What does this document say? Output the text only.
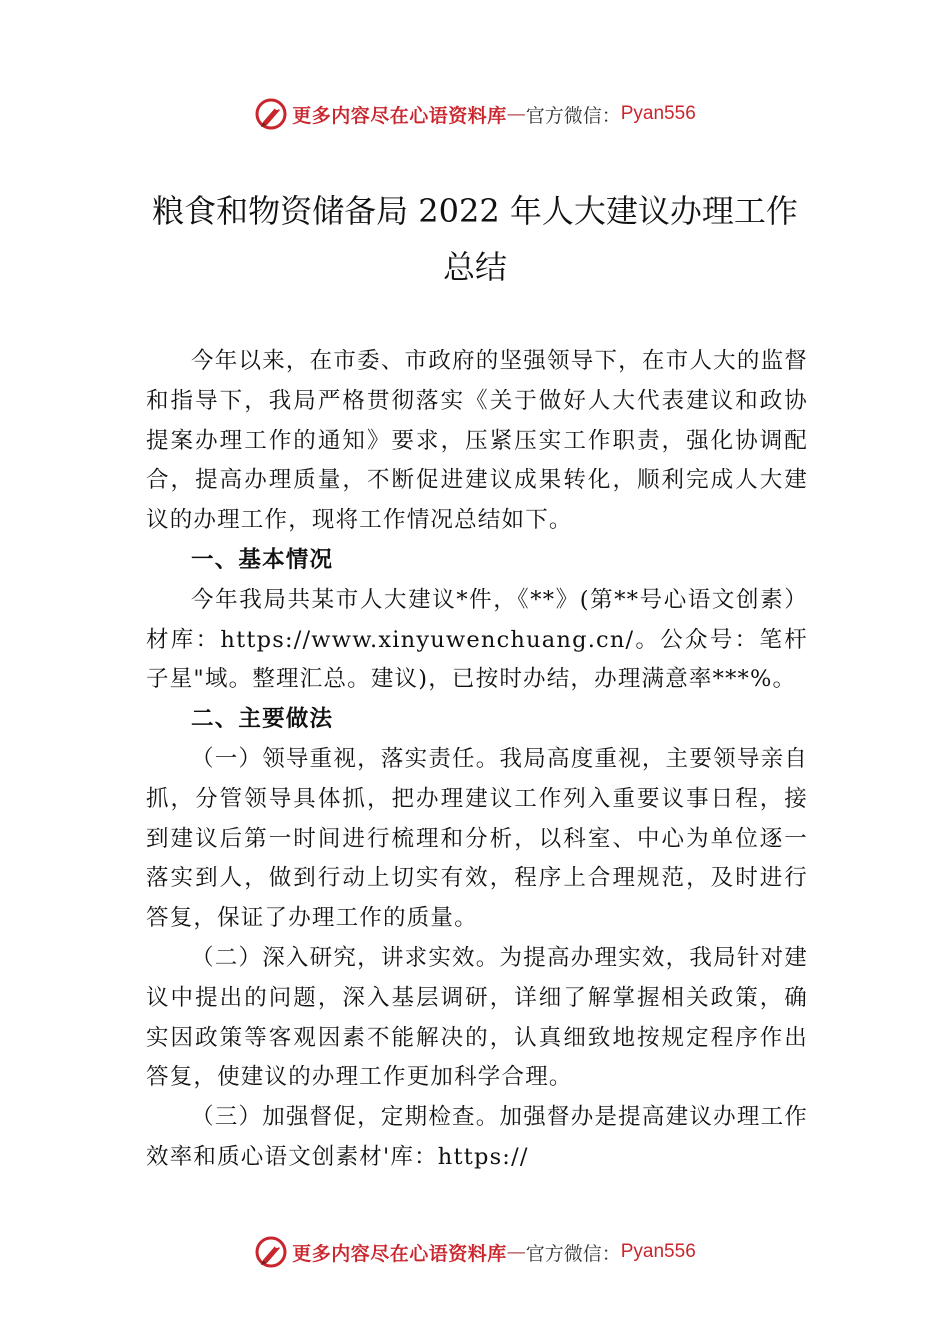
更多内容尽在心语资料库 — 官方微信： Pyan556
粮食和物资储备局 2022 年人大建议办理工作总结

今年以来，在市委、市政府的坚强领导下，在市人大的监督和指导下，我局严格贯彻落实《关于做好人大代表建议和政协提案办理工作的通知》要求，压紧压实工作职责，强化协调配合，提高办理质量，不断促进建议成果转化，顺利完成人大建议的办理工作，现将工作情况总结如下。

一、基本情况

今年我局共某市人大建议*件，《**》(第**号心语文创素）材库：https://www.xinyuwenchuang.cn/。公众号：笔杆子星"域。整理汇总。建议)，已按时办结，办理满意率***%。

二、主要做法

（一）领导重视，落实责任。我局高度重视，主要领导亲自抓，分管领导具体抓，把办理建议工作列入重要议事日程，接到建议后第一时间进行梳理和分析，以科室、中心为单位逐一落实到人，做到行动上切实有效，程序上合理规范，及时进行答复，保证了办理工作的质量。

（二）深入研究，讲求实效。为提高办理实效，我局针对建议中提出的问题，深入基层调研，详细了解掌握相关政策，确实因政策等客观因素不能解决的，认真细致地按规定程序作出答复，使建议的办理工作更加科学合理。

（三）加强督促，定期检查。加强督办是提高建议办理工作效率和质心语文创素材'库：https://

更多内容尽在心语资料库 — 官方微信： Pyan556
